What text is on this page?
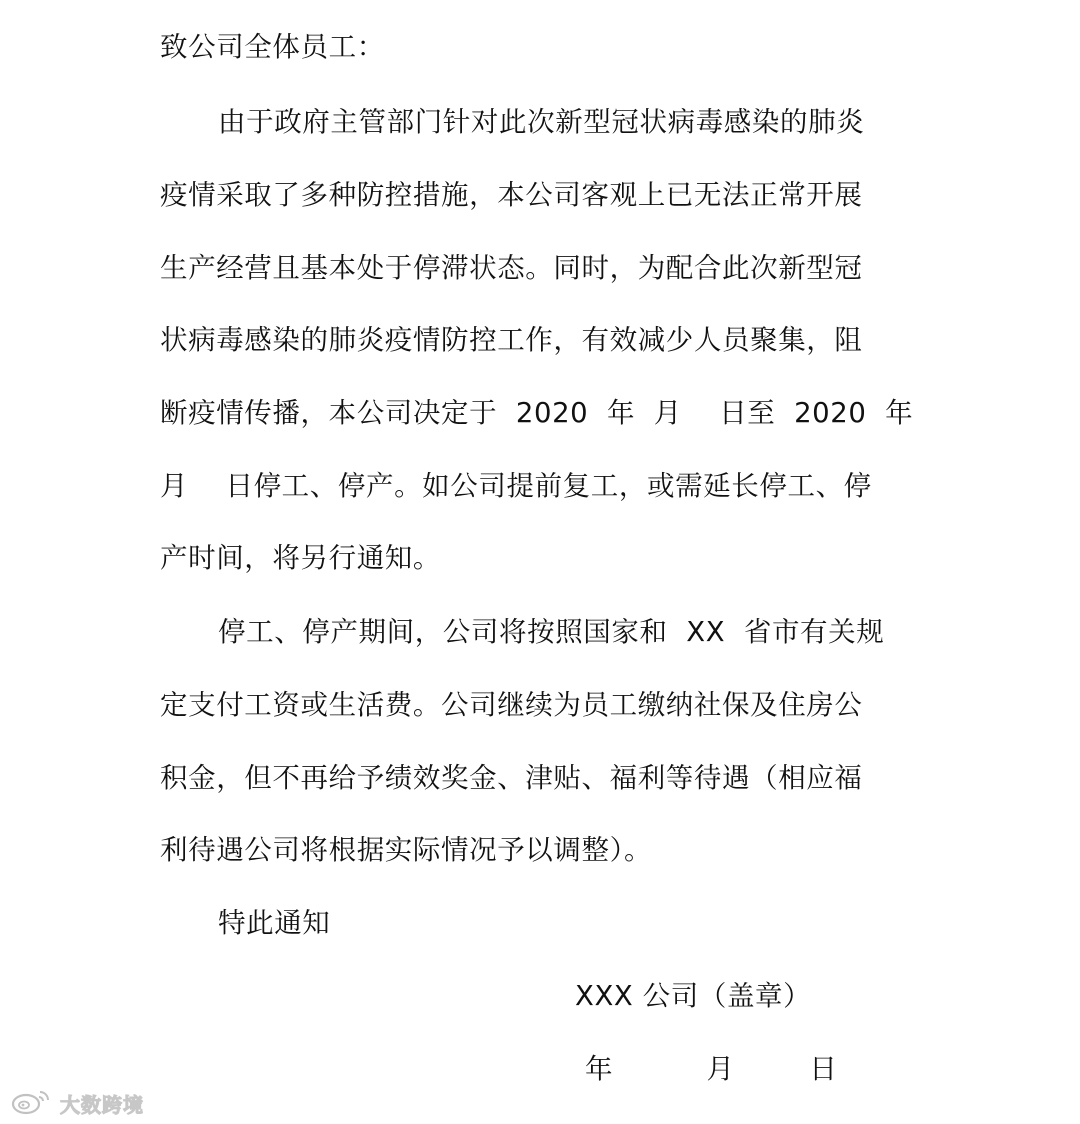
致公司全体员工：
由于政府主管部门针对此次新型冠状病毒感染的肺炎
疫情采取了多种防控措施，本公司客观上已无法正常开展
生产经营且基本处于停滞状态。同时，为配合此次新型冠
状病毒感染的肺炎疫情防控工作，有效减少人员聚集，阻
断疫情传播，本公司决定于  2020  年  月    日至  2020  年
月    日停工、停产。如公司提前复工，或需延长停工、停
产时间，将另行通知。
停工、停产期间，公司将按照国家和  XX  省市有关规
定支付工资或生活费。公司继续为员工缴纳社保及住房公
积金，但不再给予绩效奖金、津贴、福利等待遇（相应福
利待遇公司将根据实际情况予以调整）。
特此通知
XXX 公司（盖章）
年          月        日
大数跨境
